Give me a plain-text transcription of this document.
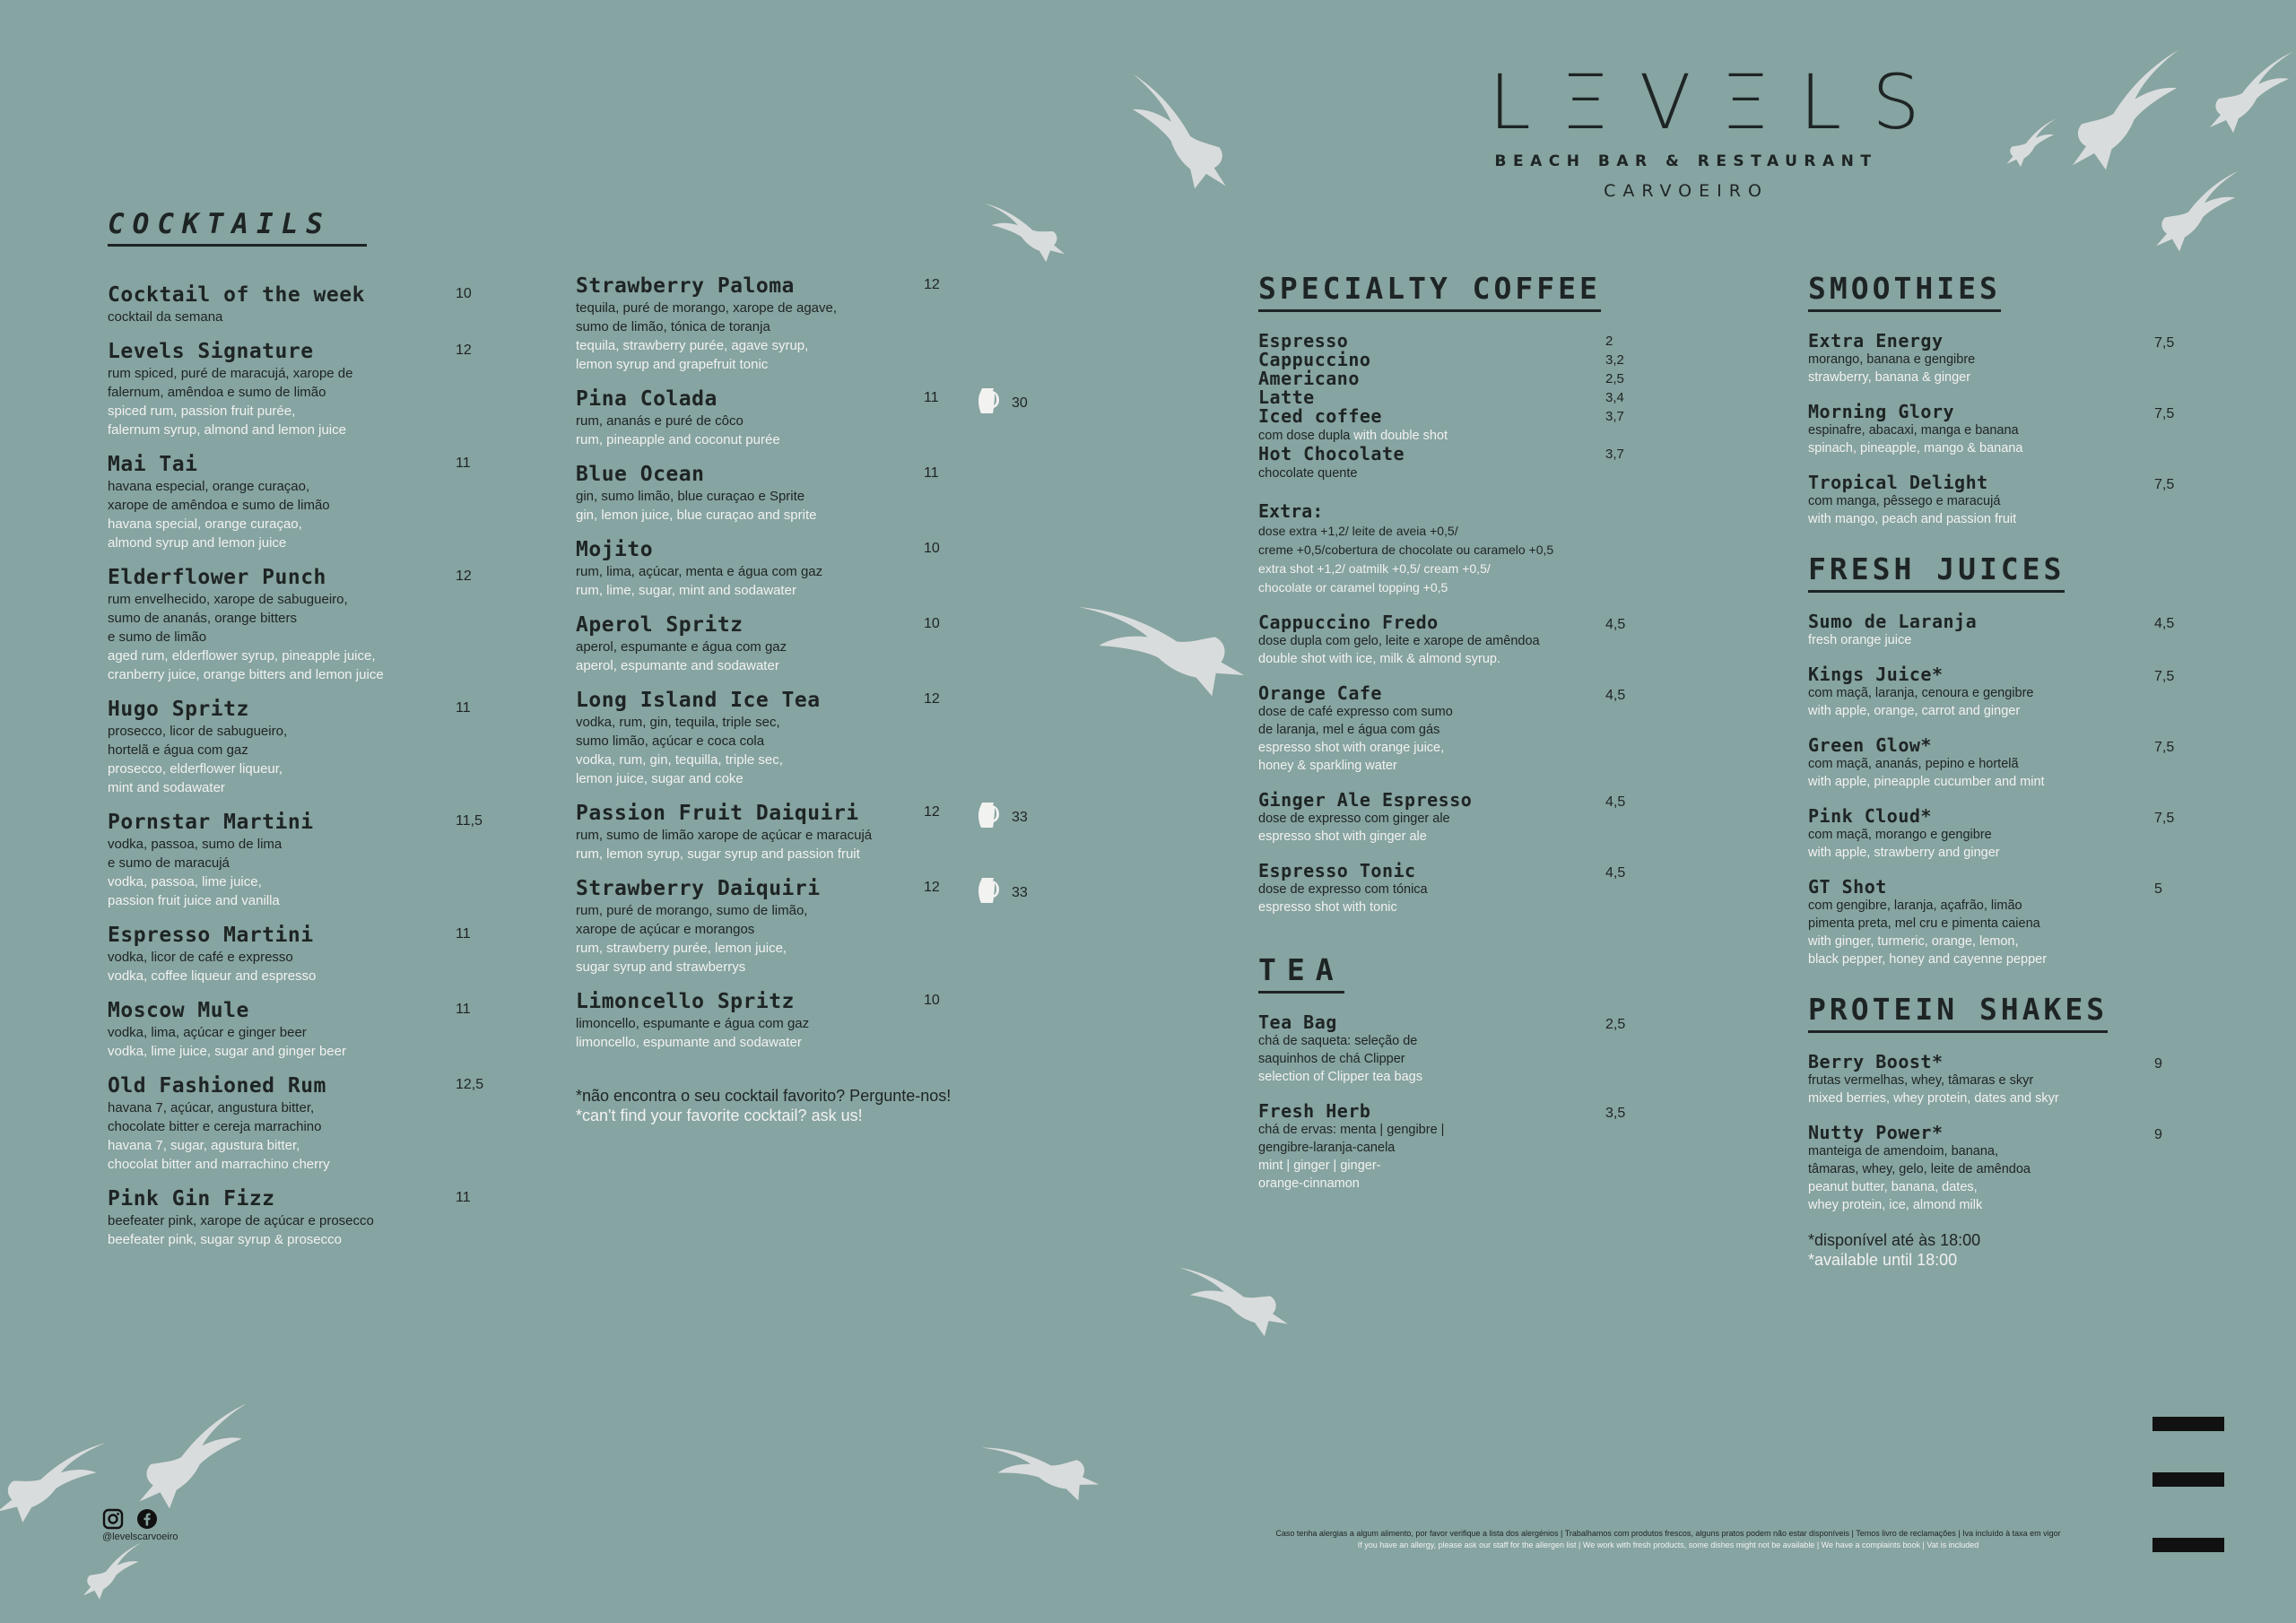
LΞVΞLS
BEACH BAR & RESTAURANT
CARVOEIRO
COCKTAILS
Cocktail of the week	10
cocktail da semana
Levels Signature	12
rum spiced, puré de maracujá, xarope de
falernum, amêndoa e sumo de limão
spiced rum, passion fruit purée,
falernum syrup, almond and lemon juice
Mai Tai	11
havana especial, orange curaçao,
xarope de amêndoa e sumo de limão
havana special, orange curaçao,
almond syrup and lemon juice
Elderflower Punch	12
rum envelhecido, xarope de sabugueiro,
sumo de ananás, orange bitters
e sumo de limão
aged rum, elderflower syrup, pineapple juice,
cranberry juice, orange bitters and lemon juice
Hugo Spritz	11
prosecco, licor de sabugueiro,
hortelã e água com gaz
prosecco, elderflower liqueur,
mint and sodawater
Pornstar Martini	11,5
vodka, passoa, sumo de lima
e sumo de maracujá
vodka, passoa, lime juice,
passion fruit juice and vanilla
Espresso Martini	11
vodka, licor de café e expresso
vodka, coffee liqueur and espresso
Moscow Mule	11
vodka, lima, açúcar e ginger beer
vodka, lime juice, sugar and ginger beer
Old Fashioned Rum	12,5
havana 7, açúcar, angustura bitter,
chocolate bitter e cereja marrachino
havana 7, sugar, agustura bitter,
chocolat bitter and marrachino cherry
Pink Gin Fizz	11
beefeater pink, xarope de açúcar e prosecco
beefeater pink, sugar syrup & prosecco
Strawberry Paloma	12
tequila, puré de morango, xarope de agave,
sumo de limão, tónica de toranja
tequila, strawberry purée, agave syrup,
lemon syrup and grapefruit tonic
Pina Colada	11	30
rum, ananás e puré de côco
rum, pineapple and coconut purée
Blue Ocean	11
gin, sumo limão, blue curaçao e Sprite
gin, lemon juice, blue curaçao and sprite
Mojito	10
rum, lima, açúcar, menta e água com gaz
rum, lime, sugar, mint and sodawater
Aperol Spritz	10
aperol, espumante e água com gaz
aperol, espumante and sodawater
Long Island Ice Tea	12
vodka, rum, gin, tequila, triple sec,
sumo limão, açúcar e coca cola
vodka, rum, gin, tequilla, triple sec,
lemon juice, sugar and coke
Passion Fruit Daiquiri	12	33
rum, sumo de limão xarope de açúcar e maracujá
rum, lemon syrup, sugar syrup and passion fruit
Strawberry Daiquiri	12	33
rum, puré de morango, sumo de limão,
xarope de açúcar e morangos
rum, strawberry purée, lemon juice,
sugar syrup and strawberrys
Limoncello Spritz	10
limoncello, espumante e água com gaz
limoncello, espumante and sodawater
*não encontra o seu cocktail favorito? Pergunte-nos!
*can't find your favorite cocktail? ask us!
SPECIALTY COFFEE
Espresso	2
Cappuccino	3,2
Americano	2,5
Latte	3,4
Iced coffee	3,7
com dose dupla with double shot
Hot Chocolate	3,7
chocolate quente
Extra:
dose extra +1,2/ leite de aveia +0,5/
creme +0,5/cobertura de chocolate ou caramelo +0,5
extra shot +1,2/ oatmilk +0,5/ cream +0,5/
chocolate or caramel topping +0,5
Cappuccino Fredo	4,5
dose dupla com gelo, leite e xarope de amêndoa
double shot with ice, milk & almond syrup.
Orange Cafe	4,5
dose de café expresso com sumo
de laranja, mel e água com gás
espresso shot with orange juice,
honey & sparkling water
Ginger Ale Espresso	4,5
dose de expresso com ginger ale
espresso shot with ginger ale
Espresso Tonic	4,5
dose de expresso com tónica
espresso shot with tonic
TEA
Tea Bag	2,5
chá de saqueta: seleção de
saquinhos de chá Clipper
selection of Clipper tea bags
Fresh Herb	3,5
chá de ervas: menta | gengibre |
gengibre-laranja-canela
mint | ginger | ginger-
orange-cinnamon
SMOOTHIES
Extra Energy	7,5
morango, banana e gengibre
strawberry, banana & ginger
Morning Glory	7,5
espinafre, abacaxi, manga e banana
spinach, pineapple, mango & banana
Tropical Delight	7,5
com manga, pêssego e maracujá
with mango, peach and passion fruit
FRESH JUICES
Sumo de Laranja	4,5
fresh orange juice
Kings Juice*	7,5
com maçã, laranja, cenoura e gengibre
with apple, orange, carrot and ginger
Green Glow*	7,5
com maçã, ananás, pepino e hortelã
with apple, pineapple cucumber and mint
Pink Cloud*	7,5
com maçã, morango e gengibre
with apple, strawberry and ginger
GT Shot	5
com gengibre, laranja, açafrão, limão
pimenta preta, mel cru e pimenta caiena
with ginger, turmeric, orange, lemon,
black pepper, honey and cayenne pepper
PROTEIN SHAKES
Berry Boost*	9
frutas vermelhas, whey, tâmaras e skyr
mixed berries, whey protein, dates and skyr
Nutty Power*	9
manteiga de amendoim, banana,
tâmaras, whey, gelo, leite de amêndoa
peanut butter, banana, dates,
whey protein, ice, almond milk
*disponível até às 18:00
*available until 18:00
@levelscarvoeiro	Caso tenha alergias a algum alimento, por favor verifique a lista dos alergénios | Trabalhamos com produtos frescos, alguns pratos podem não estar disponíveis | Temos livro de reclamações | Iva incluído à taxa em vigor
If you have an allergy, please ask our staff for the allergen list | We work with fresh products, some dishes might not be available | We have a complaints book | Vat is included
